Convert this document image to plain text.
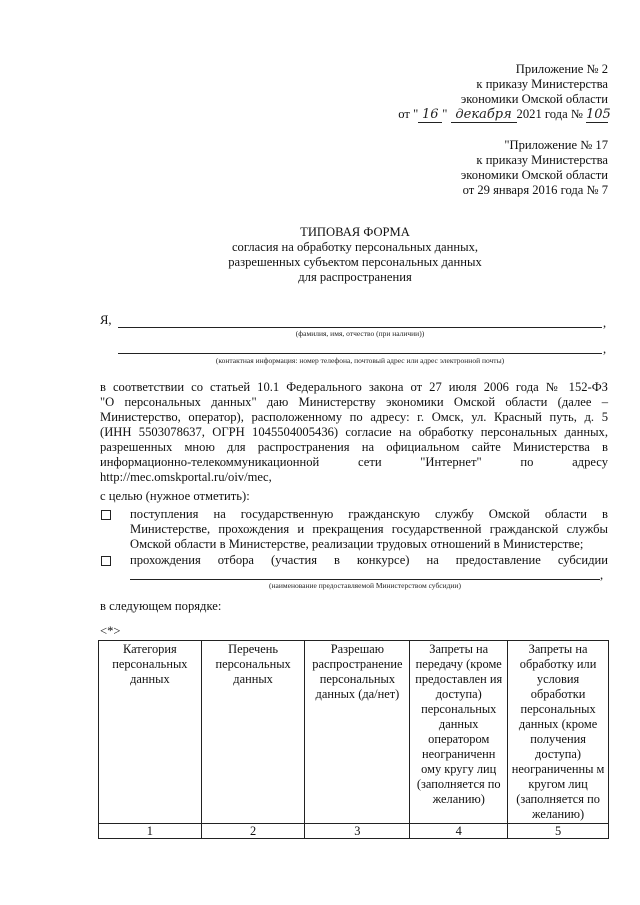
Приложение № 2
к приказу Министерства
экономики Омской области
от " 16 " декабря 2021 года № 105
"Приложение № 17
к приказу Министерства
экономики Омской области
от 29 января 2016 года № 7
ТИПОВАЯ ФОРМА
согласия на обработку персональных данных,
разрешенных субъектом персональных данных
для распространения
Я,	,
(фамилия, имя, отчество (при наличии))
,
(контактная информация: номер телефона, почтовый адрес или адрес электронной почты)
в соответствии со статьей 10.1 Федерального закона от 27 июля 2006 года № 152-ФЗ
"О персональных данных" даю Министерству экономики Омской области (далее –
Министерство, оператор), расположенному по адресу: г. Омск, ул. Красный путь, д. 5
(ИНН 5503078637, ОГРН 1045504005436) согласие на обработку персональных данных,
разрешенных мною для распространения на официальном сайте Министерства в
информационно-телекоммуникационной сети "Интернет" по адресу
http://mec.omskportal.ru/oiv/mec,
с целью (нужное отметить):
поступления на государственную гражданскую службу Омской области в
Министерстве, прохождения и прекращения государственной гражданской службы
Омской области в Министерстве, реализации трудовых отношений в Министерстве;
прохождения отбора (участия в конкурсе) на предоставление субсидии
,
(наименование предоставляемой Министерством субсидии)
в следующем порядке:
<*>
Категория персональных данных	Перечень персональных данных	Разрешаю распространение персональных данных (да/нет)	Запреты на передачу (кроме предоставлен ия доступа) персональных данных оператором неограниченн ому кругу лиц (заполняется по желанию)	Запреты на обработку или условия обработки персональных данных (кроме получения доступа) неограниченны м кругом лиц (заполняется по желанию)
1	2	3	4	5
